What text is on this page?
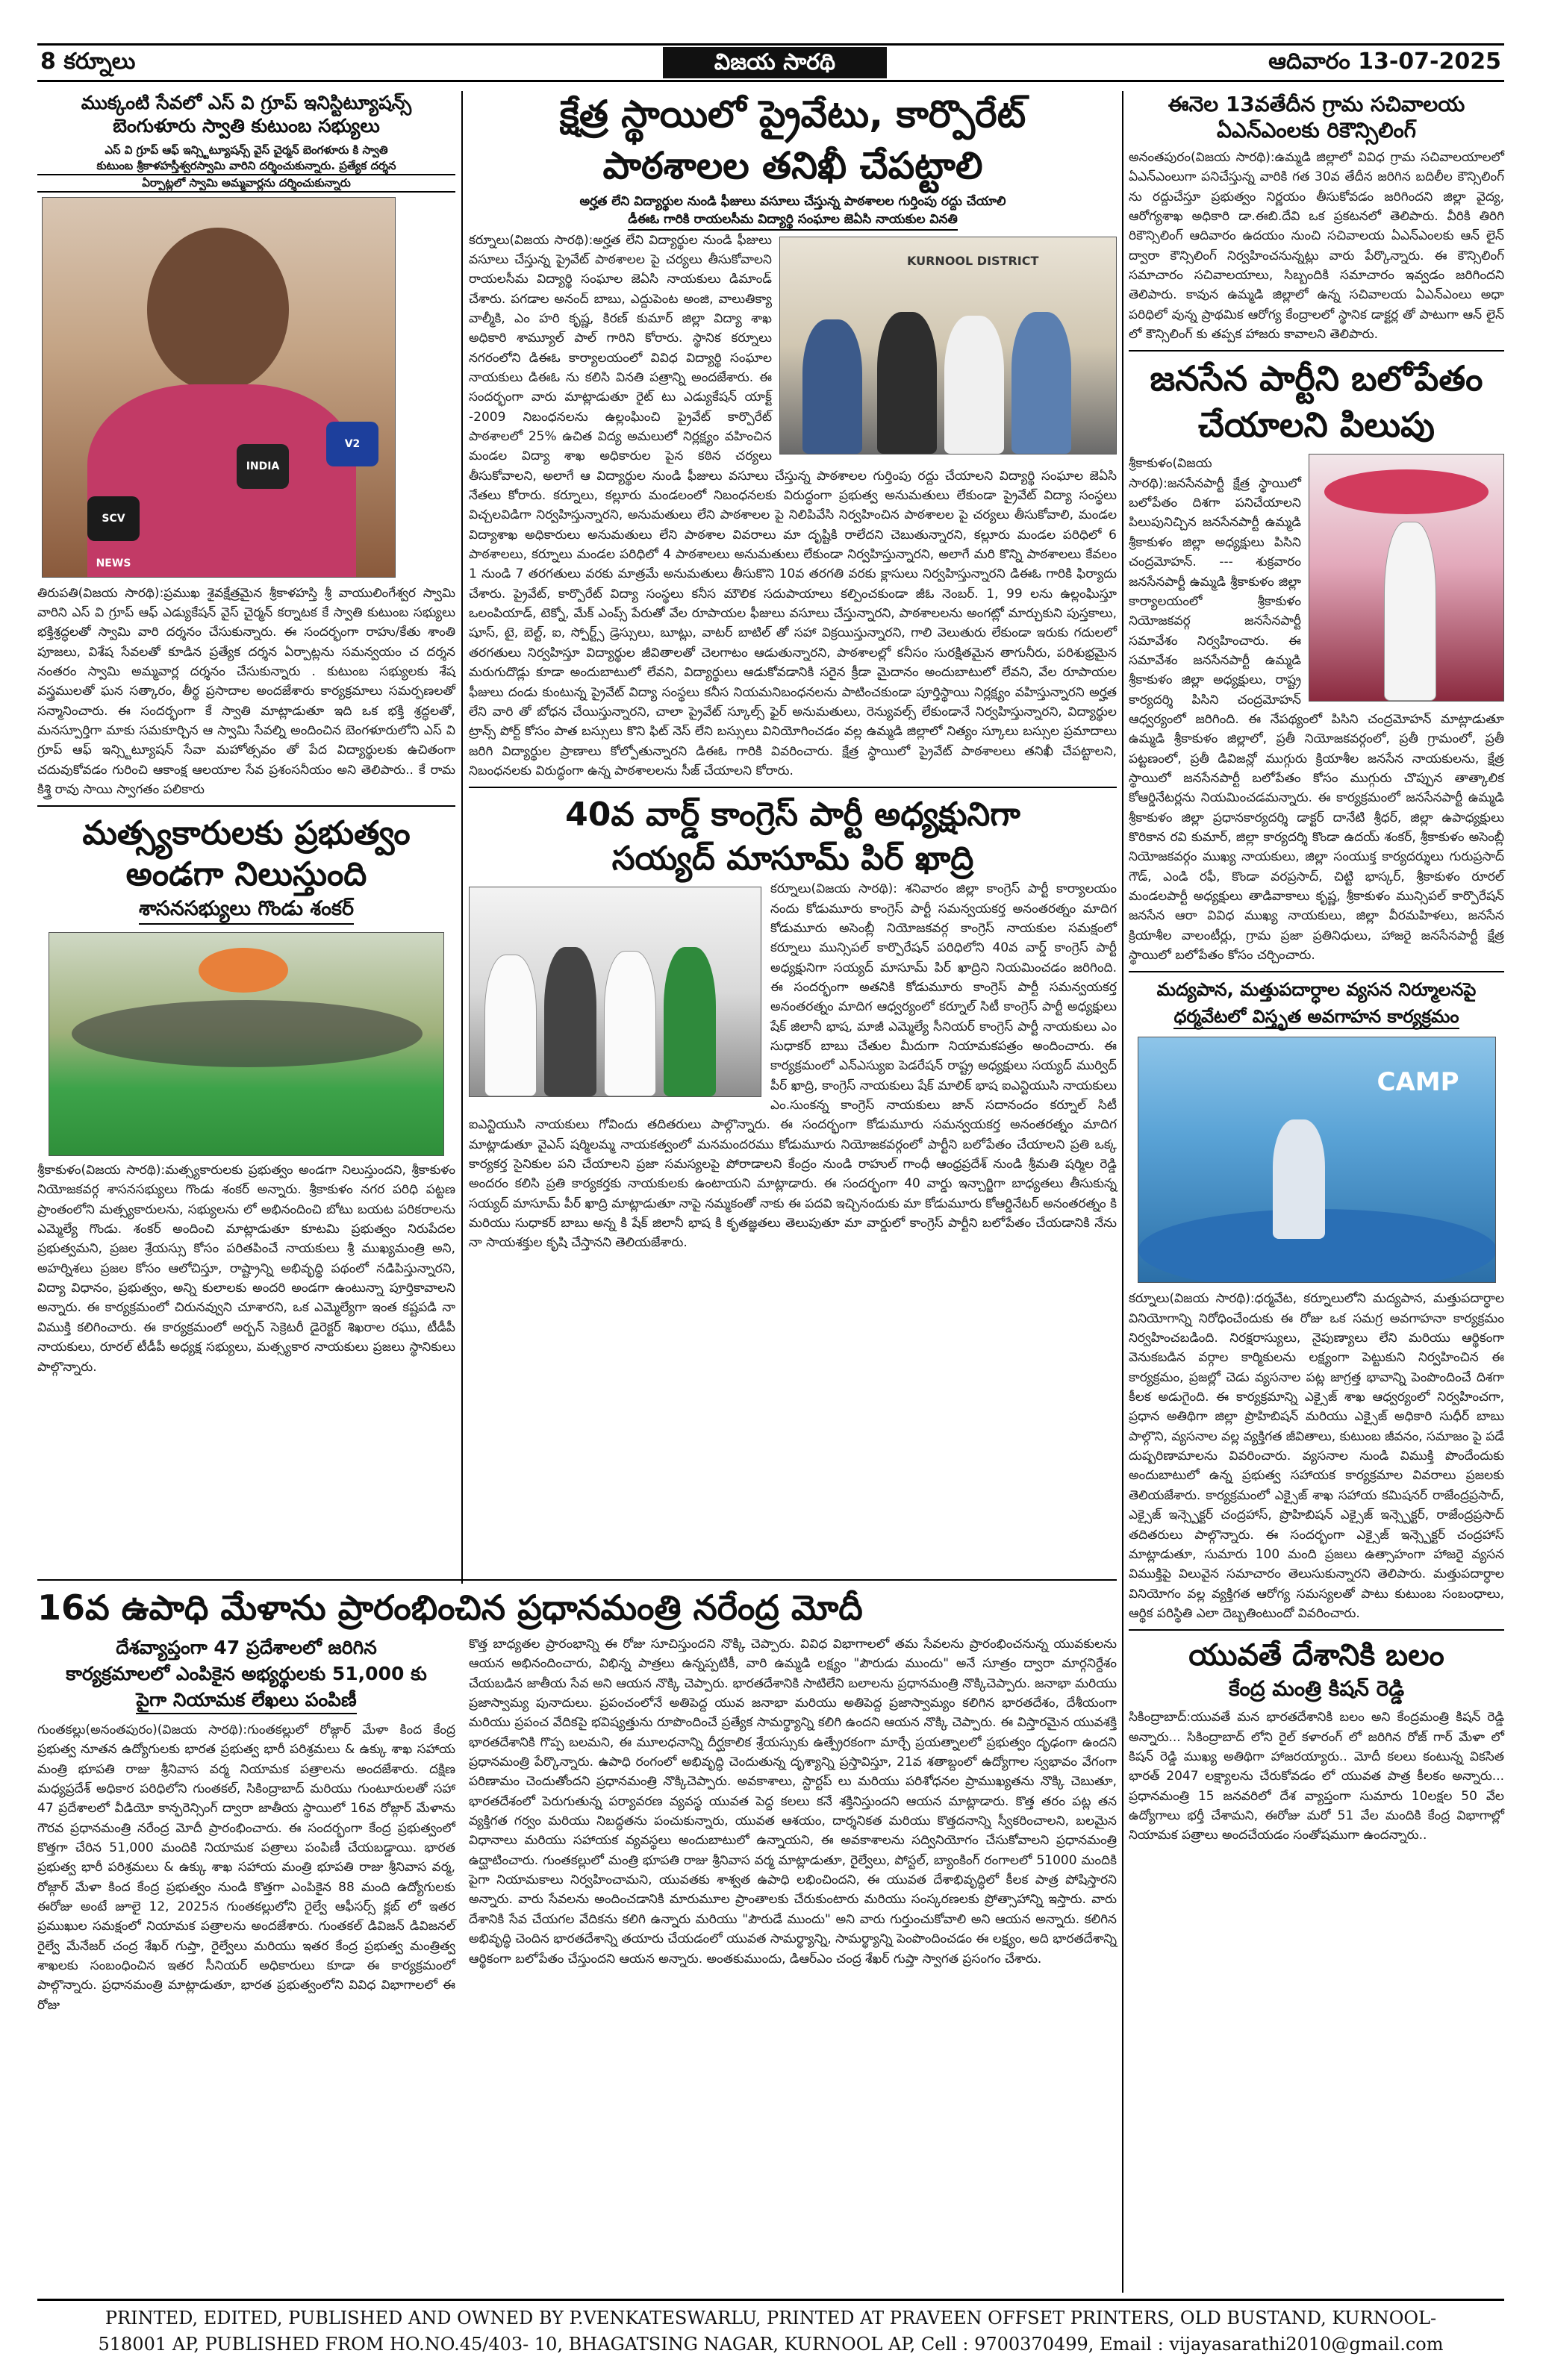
8 కర్నూలు	విజయ సారథి	ఆదివారం 13-07-2025
ముక్కంటి సేవలో ఎస్ వి గ్రూప్ ఇనిస్టిట్యూషన్స్
బెంగుళూరు స్వాతి కుటుంబ సభ్యులు
ఎస్ వి గ్రూప్ ఆఫ్ ఇన్స్టిట్యూషన్స్ వైస్ చైర్మన్ బెంగళూరు కి స్వాతి
కుటుంబ శ్రీకాళహస్తీశ్వరస్వామి వారిని దర్శించుకున్నారు. ప్రత్యేక దర్శన
ఏర్పాట్లలో స్వామి అమ్మవార్లను దర్శించుకున్నారు
SCV NEWS
V2
INDIA
తిరుపతి(విజయ సారథి):ప్రముఖ శైవక్షేత్రమైన శ్రీకాళహస్తి శ్రీ వాయులింగేశ్వర స్వామి వారిని ఎస్ వి గ్రూప్ ఆఫ్ ఎడ్యుకేషన్ వైస్ చైర్మన్ కర్నాటక కే స్వాతి కుటుంబ సభ్యులు భక్తిశ్రద్ధలతో స్వామి వారి దర్శనం చేసుకున్నారు. ఈ సందర్భంగా రాహు/కేతు శాంతి పూజలు, విశేష సేవలతో కూడిన ప్రత్యేక దర్శన ఏర్పాట్లను సమన్వయం చ దర్శన నంతరం స్వామి అమ్మవార్ల దర్శనం చేసుకున్నారు . కుటుంబ సభ్యులకు శేష వస్త్రములతో ఘన సత్కారం, తీర్థ ప్రసాదాల అందజేశారు కార్యక్రమాలు సమర్పణలతో సన్మానించారు. ఈ సందర్భంగా కే స్వాతి మాట్లాడుతూ ఇది ఒక భక్తి శ్రద్ధలతో, మనస్పూర్తిగా మాకు సమకూర్చిన ఆ స్వామి సేవల్ని అందించిన బెంగళూరులోని ఎస్ వి గ్రూప్ ఆఫ్ ఇన్స్టిట్యూషన్ సేవా మహోత్సవం తో పేద విద్యార్థులకు ఉచితంగా చదువుకోవడం గురించి ఆకాంక్ష ఆలయాల సేవ ప్రశంసనీయం అని తెలిపారు.. కే రామ కిశ్త్రి రావు సాయి స్వాగతం పలికారు
మత్స్యకారులకు ప్రభుత్వం
అండగా నిలుస్తుంది
శాసనసభ్యులు గొండు శంకర్
శ్రీకాకుళం(విజయ సారథి):మత్స్యకారులకు ప్రభుత్వం అండగా నిలుస్తుందని, శ్రీకాకుళం నియోజకవర్గ శాసనసభ్యులు గొండు శంకర్ అన్నారు. శ్రీకాకుళం నగర పరిధి పట్టణ ప్రాంతంలోని మత్స్యకారులను, సభ్యులను లో అభినందించి బోటు బయట పరికరాలను ఎమ్మెల్యే గొండు. శంకర్ అందించి మాట్లాడుతూ కూటమి ప్రభుత్వం నిరుపేదల ప్రభుత్వమని, ప్రజల శ్రేయస్సు కోసం పరితపించే నాయకులు శ్రీ ముఖ్యమంత్రి అని, అహర్నిశలు ప్రజల కోసం ఆలోచిస్తూ, రాష్ట్రాన్ని అభివృద్ధి పథంలో నడిపిస్తున్నారని, విద్యా విధానం, ప్రభుత్వం, అన్ని కులాలకు అందరి అండగా ఉంటున్నా పూర్తికావాలని అన్నారు. ఈ కార్యక్రమంలో చిరునవ్వుని చూశారని, ఒక ఎమ్మెల్యేగా ఇంత కష్టపడి నా విముక్తి కలిగించారు. ఈ కార్యక్రమంలో అర్బన్ సెక్రెటరీ డైరెక్టర్ శిఖరాల రఘు, టీడీపీ నాయకులు, రూరల్ టీడీపీ అధ్యక్ష సభ్యులు, మత్స్యకార నాయకులు ప్రజలు స్థానికులు పాల్గొన్నారు.
క్షేత్ర స్థాయిలో ప్రైవేటు, కార్పొరేట్
పాఠశాలల తనిఖీ చేపట్టాలి
అర్హత లేని విద్యార్థుల నుండి ఫీజులు వసూలు చేస్తున్న పాఠశాలల గుర్తింపు రద్దు చేయాలి
డీఈఓ గారికి రాయలసీమ విద్యార్థి సంఘాల జెఏసి నాయకుల వినతి
KURNOOL DISTRICT
కర్నూలు(విజయ సారథి):అర్హత లేని విద్యార్థుల నుండి ఫీజులు వసూలు చేస్తున్న ప్రైవేట్ పాఠశాలల పై చర్యలు తీసుకోవాలని రాయలసీమ విద్యార్థి సంఘాల జెఏసి నాయకులు డిమాండ్ చేశారు. పగడాల అనంద్ బాబు, ఎద్దుపెంట అంజి, వాలుతిక్యా వాల్మీకి, ఎం హరి కృష్ణ, కిరణ్ కుమార్ జిల్లా విద్యా శాఖ అధికారి శామ్యూల్ పాల్ గారిని కోరారు. స్థానిక కర్నూలు నగరంలోని డిఈఓ కార్యాలయంలో వివిధ విద్యార్థి సంఘాల నాయకులు డిఈఓ ను కలిసి వినతి పత్రాన్ని అందజేశారు. ఈ సందర్భంగా వారు మాట్లాడుతూ రైట్ టు ఎడ్యుకేషన్ యాక్ట్ -2009 నిబంధనలను ఉల్లంఘించి ప్రైవేట్ కార్పొరేట్ పాఠశాలలో 25% ఉచిత విద్య అమలులో నిర్లక్ష్యం వహించిన మండల విద్యా శాఖ అధికారుల పైన కఠిన చర్యలు తీసుకోవాలని, అలాగే ఆ విద్యార్థుల నుండి ఫీజులు వసూలు చేస్తున్న పాఠశాలల గుర్తింపు రద్దు చేయాలని విద్యార్థి సంఘాల జెఏసి నేతలు కోరారు. కర్నూలు, కల్లూరు మండలంలో నిబంధనలకు విరుద్ధంగా ప్రభుత్వ అనుమతులు లేకుండా ప్రైవేట్ విద్యా సంస్థలు విచ్చలవిడిగా నిర్వహిస్తున్నారని, అనుమతులు లేని పాఠశాలల పై నిలిపివేసి నిర్వహించిన పాఠశాలల పై చర్యలు తీసుకోవాలి, మండల విద్యాశాఖ అధికారులు అనుమతులు లేని పాఠశాల వివరాలు మా దృష్టికి రాలేదని చెబుతున్నారని, కల్లూరు మండల పరిధిలో 6 పాఠశాలలు, కర్నూలు మండల పరిధిలో 4 పాఠశాలలు అనుమతులు లేకుండా నిర్వహిస్తున్నారని, అలాగే మరి కొన్ని పాఠశాలలు కేవలం 1 నుండి 7 తరగతులు వరకు మాత్రమే అనుమతులు తీసుకొని 10వ తరగతి వరకు క్లాసులు నిర్వహిస్తున్నారని డిఈఓ గారికి ఫిర్యాదు చేశారు. ప్రైవేట్, కార్పొరేట్ విద్యా సంస్థలు కనీస మౌలిక సదుపాయాలు కల్పించకుండా జీఓ నెంబర్. 1, 99 లను ఉల్లంఘిస్తూ ఒలంపియాడ్, టెక్నో, మేక్ ఎంప్స్ పేరుతో వేల రూపాయల ఫీజులు వసూలు చేస్తున్నారని, పాఠశాలలను అంగట్లో మార్చుకుని పుస్తకాలు, షూస్, టై, బెల్ట్, ఐ, స్పోర్ట్స్ డ్రెస్సులు, బూట్లు, వాటర్ బాటిల్ తో సహా విక్రయిస్తున్నారని, గాలి వెలుతురు లేకుండా ఇరుకు గదులలో తరగతులు నిర్వహిస్తూ విద్యార్థుల జీవితాలతో చెలగాటం ఆడుతున్నారని, పాఠశాలల్లో కనీసం సురక్షితమైన తాగునీరు, పరిశుభ్రమైన మరుగుదొడ్లు కూడా అందుబాటులో లేవని, విద్యార్థులు ఆడుకోవడానికి సరైన క్రీడా మైదానం అందుబాటులో లేవని, వేల రూపాయల ఫీజులు దండు కుంటున్న ప్రైవేట్ విద్యా సంస్థలు కనీస నియమనిబంధనలను పాటించకుండా పూర్తిస్థాయి నిర్లక్ష్యం వహిస్తున్నారని అర్హత లేని వారి తో బోధన చేయిస్తున్నారని, చాలా ప్రైవేట్ స్కూల్స్ ఫైర్ అనుమతులు, రెన్యువల్స్ లేకుండానే నిర్వహిస్తున్నారని, విద్యార్థుల ట్రాన్స్ పోర్ట్ కోసం పాత బస్సులు కొని ఫిట్ నెస్ లేని బస్సులు వినియోగించడం వల్ల ఉమ్మడి జిల్లాలో నిత్యం స్కూలు బస్సుల ప్రమాదాలు జరిగి విద్యార్థుల ప్రాణాలు కోల్పోతున్నారని డిఈఓ గారికి వివరించారు. క్షేత్ర స్థాయిలో ప్రైవేట్ పాఠశాలలు తనిఖీ చేపట్టాలని, నిబంధనలకు విరుద్ధంగా ఉన్న పాఠశాలలను సీజ్ చేయాలని కోరారు.
40వ వార్డ్ కాంగ్రెస్ పార్టీ అధ్యక్షునిగా
సయ్యద్ మాసూమ్ పిర్ ఖాద్రి
కర్నూలు(విజయ సారథి): శనివారం జిల్లా కాంగ్రెస్ పార్టీ కార్యాలయం నందు కోడుమూరు కాంగ్రెస్ పార్టీ సమన్వయకర్త అనంతరత్నం మాదిగ కోడుమూరు అసెంబ్లీ నియోజకవర్గ కాంగ్రెస్ నాయకుల సమక్షంలో కర్నూలు మున్సిపల్ కార్పొరేషన్ పరిధిలోని 40వ వార్డ్ కాంగ్రెస్ పార్టీ అధ్యక్షునిగా సయ్యద్ మాసూమ్ పిర్ ఖాద్రిని నియమించడం జరిగింది. ఈ సందర్భంగా అతనికి కోడుమూరు కాంగ్రెస్ పార్టీ సమన్వయకర్త అనంతరత్నం మాదిగ ఆధ్వర్యంలో కర్నూల్ సిటీ కాంగ్రెస్ పార్టీ అధ్యక్షులు షేక్ జిలానీ భాష, మాజీ ఎమ్మెల్యే సీనియర్ కాంగ్రెస్ పార్టీ నాయకులు ఎం సుధాకర్ బాబు చేతుల మీదుగా నియామకపత్రం అందించారు. ఈ కార్యక్రమంలో ఎన్ఎస్యుఐ పెడరేషన్ రాష్ట్ర అధ్యక్షులు సయ్యద్ ముర్విద్ పీర్ ఖాద్రి, కాంగ్రెస్ నాయకులు షేక్ మాలిక్ భాష ఐఎన్టియుసి నాయకులు ఎం.సుంకన్న కాంగ్రెస్ నాయకులు జాన్ సదానందం కర్నూల్ సిటీ ఐఎన్టియుసి నాయకులు గోవిందు తదితరులు పాల్గొన్నారు. ఈ సందర్భంగా కోడుమూరు సమన్వయకర్త అనంతరత్నం మాదిగ మాట్లాడుతూ వైఎస్ షర్మిలమ్మ నాయకత్వంలో మనమందరము కోడుమూరు నియోజకవర్గంలో పార్టీని బలోపేతం చేయాలని ప్రతి ఒక్క కార్యకర్త సైనికుల పని చేయాలని ప్రజా సమస్యలపై పోరాడాలని కేంద్రం నుండి రాహుల్ గాంధీ ఆంధ్రప్రదేశ్ నుండి శ్రీమతి షర్మిల రెడ్డి అందరం కలిసి ప్రతి కార్యకర్తకు నాయకులకు ఉంటాయని మాట్లాడారు. ఈ సందర్భంగా 40 వార్డు ఇన్చార్జిగా బాధ్యతలు తీసుకున్న సయ్యద్ మాసూమ్ పీర్ ఖాద్రి మాట్లాడుతూ నాపై నమ్మకంతో నాకు ఈ పదవి ఇచ్చినందుకు మా కోడుమూరు కోఆర్డినేటర్ అనంతరత్నం కి మరియు సుధాకర్ బాబు అన్న కి షేక్ జిలానీ భాష కి కృతజ్ఞతలు తెలుపుతూ మా వార్డులో కాంగ్రెస్ పార్టీని బలోపేతం చేయడానికి నేను నా సాయశక్తుల కృషి చేస్తానని తెలియజేశారు.
ఈనెల 13వతేదీన గ్రామ సచివాలయ
ఏఎన్ఎంలకు రికౌన్సిలింగ్
అనంతపురం(విజయ సారథి):ఉమ్మడి జిల్లాలో వివిధ గ్రామ సచివాలయాలలో ఏఎన్ఎంలుగా పనిచేస్తున్న వారికి గత 30వ తేదీన జరిగిన బదిలీల కౌన్సిలింగ్ ను రద్దుచేస్తూ ప్రభుత్వం నిర్ణయం తీసుకోవడం జరిగిందని జిల్లా వైద్య, ఆరోగ్యశాఖ అధికారి డా.ఈబి.దేవి ఒక ప్రకటనలో తెలిపారు. వీరికి తిరిగి రికౌన్సిలింగ్ ఆదివారం ఉదయం నుంచి సచివాలయ ఏఎన్ఎంలకు ఆన్ లైన్ ద్వారా కౌన్సిలింగ్ నిర్వహించనున్నట్లు వారు పేర్కొన్నారు. ఈ కౌన్సిలింగ్ సమాచారం సచివాలయాలు, సిబ్బందికి సమాచారం ఇవ్వడం జరిగిందని తెలిపారు. కావున ఉమ్మడి జిల్లాలో ఉన్న సచివాలయ ఏఎన్ఎంలు అధా పరిధిలో వున్న ప్రాథమిక ఆరోగ్య కేంద్రాలలో స్థానిక డాక్టర్ల తో పాటుగా ఆన్ లైన్ లో కౌన్సిలింగ్ కు తప్పక హాజరు కావాలని తెలిపారు.
జనసేన పార్టీని బలోపేతం
చేయాలని పిలుపు
శ్రీకాకుళం(విజయ సారథి):జనసేనపార్టీ క్షేత్ర స్థాయిలో బలోపేతం దిశగా పనిచేయాలని పిలుపునిచ్చిన జనసేనపార్టీ ఉమ్మడి శ్రీకాకుళం జిల్లా అధ్యక్షులు పిసిని చంద్రమోహన్. --- శుక్రవారం జనసేనపార్టీ ఉమ్మడి శ్రీకాకుళం జిల్లా కార్యాలయంలో శ్రీకాకుళం నియోజకవర్గ జనసేనపార్టీ సమావేశం నిర్వహించారు. ఈ సమావేశం జనసేనపార్టీ ఉమ్మడి శ్రీకాకుళం జిల్లా అధ్యక్షులు, రాష్ట్ర కార్యదర్శి పిసిని చంద్రమోహన్ ఆధ్వర్యంలో జరిగింది. ఈ నేపథ్యంలో పిసిని చంద్రమోహన్ మాట్లాడుతూ ఉమ్మడి శ్రీకాకుళం జిల్లాలో, ప్రతీ నియోజకవర్గంలో, ప్రతీ గ్రామంలో, ప్రతీ పట్టణంలో, ప్రతీ డివిజన్లో ముగ్గురు క్రియాశీల జనసేన నాయకులను, క్షేత్ర స్థాయిలో జనసేనపార్టీ బలోపేతం కోసం ముగ్గురు చొప్పున తాత్కాలిక కోఆర్డినేటర్లను నియమించడమన్నారు. ఈ కార్యక్రమంలో జనసేనపార్టీ ఉమ్మడి శ్రీకాకుళం జిల్లా ప్రధానకార్యదర్శి డాక్టర్ దానేటి శ్రీధర్, జిల్లా ఉపాధ్యక్షులు కొరికాన రవి కుమార్, జిల్లా కార్యదర్శి కొండా ఉదయ్ శంకర్, శ్రీకాకుళం అసెంబ్లీ నియోజకవర్గం ముఖ్య నాయకులు, జిల్లా సంయుక్త కార్యదర్శులు గురుప్రసాద్ గౌడ్, ఎండి రఫీ, కొండా వరప్రసాద్, చిట్టి భాస్కర్, శ్రీకాకుళం రూరల్ మండలపార్టీ అధ్యక్షులు తాడివాకాలు కృష్ణ, శ్రీకాకుళం మున్సిపల్ కార్పొరేషన్ జనసేన ఆరా వివిధ ముఖ్య నాయకులు, జిల్లా వీరమహిళలు, జనసేన క్రియాశీల వాలంటీర్లు, గ్రామ ప్రజా ప్రతినిధులు, హాజరై జనసేనపార్టీ క్షేత్ర స్థాయిలో బలోపేతం కోసం చర్చించారు.
మద్యపాన, మత్తుపదార్ధాల వ్యసన నిర్మూలనపై
ధర్మవేటలో విస్తృత అవగాహన కార్యక్రమం
CAMP
కర్నూలు(విజయ సారథి):ధర్మవేట, కర్నూలులోని మద్యపాన, మత్తుపదార్ధాల వినియోగాన్ని నిరోధించేందుకు ఈ రోజు ఒక సమగ్ర అవగాహనా కార్యక్రమం నిర్వహించబడింది. నిరక్షరాస్యులు, నైపుణ్యాలు లేని మరియు ఆర్థికంగా వెనుకబడిన వర్గాల కార్మికులను లక్ష్యంగా పెట్టుకుని నిర్వహించిన ఈ కార్యక్రమం, ప్రజల్లో చెడు వ్యసనాల పట్ల జాగ్రత్త భావాన్ని పెంపొందించే దిశగా కీలక అడుగైంది. ఈ కార్యక్రమాన్ని ఎక్సైజ్ శాఖ ఆధ్వర్యంలో నిర్వహించగా, ప్రధాన అతిథిగా జిల్లా ప్రొహిబిషన్ మరియు ఎక్సైజ్ అధికారి సుధీర్ బాబు పాల్గొని, వ్యసనాల వల్ల వ్యక్తిగత జీవితాలు, కుటుంబ జీవనం, సమాజం పై పడే దుష్పరిణామాలను వివరించారు. వ్యసనాల నుండి విముక్తి పొందేందుకు అందుబాటులో ఉన్న ప్రభుత్వ సహాయక కార్యక్రమాల వివరాలు ప్రజలకు తెలియజేశారు. కార్యక్రమంలో ఎక్సైజ్ శాఖ సహాయ కమిషనర్ రాజేంద్రప్రసాద్, ఎక్సైజ్ ఇన్స్పెక్టర్ చంద్రహాస్, ప్రొహిబిషన్ ఎక్సైజ్ ఇన్స్పెక్టర్, రాజేంద్రప్రసాద్ తదితరులు పాల్గొన్నారు. ఈ సందర్భంగా ఎక్సైజ్ ఇన్స్పెక్టర్ చంద్రహాస్ మాట్లాడుతూ, సుమారు 100 మంది ప్రజలు ఉత్సాహంగా హాజరై వ్యసన విముక్తిపై విలువైన సమాచారం తెలుసుకున్నారని తెలిపారు. మత్తుపదార్ధాల వినియోగం వల్ల వ్యక్తిగత ఆరోగ్య సమస్యలతో పాటు కుటుంబ సంబంధాలు, ఆర్థిక పరిస్థితి ఎలా దెబ్బతింటుందో వివరించారు.
యువతే దేశానికి బలం
కేంద్ర మంత్రి కిషన్ రెడ్డి
సికింద్రాబాద్:యువతే మన భారతదేశానికి బలం అని కేంద్రమంత్రి కిషన్ రెడ్డి అన్నారు... సికింద్రాబాద్ లోని రైల్ కళారంగ్ లో జరిగిన రోజ్ గార్ మేళా లో కిషన్ రెడ్డి ముఖ్య అతిథిగా హాజరయ్యారు.. మోదీ కలలు కంటున్న వికసిత భారత్ 2047 లక్ష్యాలను చేరుకోవడం లో యువత పాత్ర కీలకం అన్నారు... ప్రధానమంత్రి 15 జనవరిలో దేశ వ్యాప్తంగా సుమారు 10లక్షల 50 వేల ఉద్యోగాలు భర్తీ చేశామని, ఈరోజు మరో 51 వేల మందికి కేంద్ర విభాగాల్లో నియామక పత్రాలు అందచేయడం సంతోషముగా ఉందన్నారు..
16వ ఉపాధి మేళాను ప్రారంభించిన ప్రధానమంత్రి నరేంద్ర మోదీ
దేశవ్యాప్తంగా 47 ప్రదేశాలలో జరిగిన
కార్యక్రమాలలో ఎంపికైన అభ్యర్థులకు 51,000 కు
పైగా నియామక లేఖలు పంపిణీ
గుంతకల్లు(అనంతపురం)(విజయ సారథి):గుంతకల్లులో రోజ్గార్ మేళా కింద కేంద్ర ప్రభుత్వ నూతన ఉద్యోగులకు భారత ప్రభుత్వ భారీ పరిశ్రమలు & ఉక్కు శాఖ సహాయ మంత్రి భూపతి రాజు శ్రీనివాస వర్మ నియామక పత్రాలను అందజేశారు. దక్షిణ మధ్యప్రదేశ్ అధికార పరిధిలోని గుంతకల్, సికింద్రాబాద్ మరియు గుంటూరులతో సహా 47 ప్రదేశాలలో వీడియో కాన్ఫరెన్సింగ్ ద్వారా జాతీయ స్థాయిలో 16వ రోజ్గార్ మేళాను గౌరవ ప్రధానమంత్రి నరేంద్ర మోదీ ప్రారంభించారు. ఈ సందర్భంగా కేంద్ర ప్రభుత్వంలో కొత్తగా చేరిన 51,000 మందికి నియామక పత్రాలు పంపిణీ చేయబడ్డాయి. భారత ప్రభుత్వ భారీ పరిశ్రమలు & ఉక్కు శాఖ సహాయ మంత్రి భూపతి రాజు శ్రీనివాస వర్మ, రోజ్గార్ మేళా కింద కేంద్ర ప్రభుత్వం నుండి కొత్తగా ఎంపికైన 88 మంది ఉద్యోగులకు ఈరోజు అంటే జూలై 12, 2025న గుంతకల్లులోని రైల్వే ఆఫీసర్స్ క్లబ్ లో ఇతర ప్రముఖుల సమక్షంలో నియామక పత్రాలను అందజేశారు. గుంతకల్ డివిజన్ డివిజనల్ రైల్వే మేనేజర్ చంద్ర శేఖర్ గుప్తా, రైల్వేలు మరియు ఇతర కేంద్ర ప్రభుత్వ మంత్రిత్వ శాఖలకు సంబంధించిన ఇతర సీనియర్ అధికారులు కూడా ఈ కార్యక్రమంలో పాల్గొన్నారు. ప్రధానమంత్రి మాట్లాడుతూ, భారత ప్రభుత్వంలోని వివిధ విభాగాలలో ఈ రోజు
కొత్త బాధ్యతల ప్రారంభాన్ని ఈ రోజు సూచిస్తుందని నొక్కి చెప్పారు. వివిధ విభాగాలలో తమ సేవలను ప్రారంభించనున్న యువకులను ఆయన అభినందించారు, విభిన్న పాత్రలు ఉన్నప్పటికీ, వారి ఉమ్మడి లక్ష్యం "పౌరుడు ముందు" అనే సూత్రం ద్వారా మార్గనిర్దేశం చేయబడిన జాతీయ సేవ అని ఆయన నొక్కి చెప్పారు. భారతదేశానికి సాటిలేని బలాలను ప్రధానమంత్రి నొక్కిచెప్పారు. జనాభా మరియు ప్రజాస్వామ్య పునాదులు. ప్రపంచంలోనే అతిపెద్ద యువ జనాభా మరియు అతిపెద్ద ప్రజాస్వామ్యం కలిగిన భారతదేశం, దేశీయంగా మరియు ప్రపంచ వేదికపై భవిష్యత్తును రూపొందించే ప్రత్యేక సామర్థ్యాన్ని కలిగి ఉందని ఆయన నొక్కి చెప్పారు. ఈ విస్తారమైన యువశక్తి భారతదేశానికి గొప్ప బలమని, ఈ మూలధనాన్ని దీర్ఘకాలిక శ్రేయస్సుకు ఉత్ప్రేరకంగా మార్చే ప్రయత్నాలలో ప్రభుత్వం దృఢంగా ఉందని ప్రధానమంత్రి పేర్కొన్నారు. ఉపాధి రంగంలో అభివృద్ధి చెందుతున్న దృశ్యాన్ని ప్రస్తావిస్తూ, 21వ శతాబ్దంలో ఉద్యోగాల స్వభావం వేగంగా పరిణామం చెందుతోందని ప్రధానమంత్రి నొక్కిచెప్పారు. అవకాశాలు, స్టార్టప్ లు మరియు పరిశోధనల ప్రాముఖ్యతను నొక్కి చెబుతూ, భారతదేశంలో పెరుగుతున్న పర్యావరణ వ్యవస్థ యువత పెద్ద కలలు కనే శక్తినిస్తుందని ఆయన మాట్లాడారు. కొత్త తరం పట్ల తన వ్యక్తిగత గర్వం మరియు నిబద్ధతను పంచుకున్నారు, యువత ఆశయం, దార్శనికత మరియు కొత్తదనాన్ని స్వీకరించాలని, బలమైన విధానాలు మరియు సహాయక వ్యవస్థలు అందుబాటులో ఉన్నాయని, ఈ అవకాశాలను సద్వినియోగం చేసుకోవాలని ప్రధానమంత్రి ఉద్ఘాటించారు. గుంతకల్లులో మంత్రి భూపతి రాజు శ్రీనివాస వర్మ మాట్లాడుతూ, రైల్వేలు, పోస్టల్, బ్యాంకింగ్ రంగాలలో 51000 మందికి పైగా నియామకాలు నిర్వహించామని, యువతకు శాశ్వత ఉపాధి లభించిందని, ఈ యువత దేశాభివృద్ధిలో కీలక పాత్ర పోషిస్తారని అన్నారు. వారు సేవలను అందించడానికి మారుమూల ప్రాంతాలకు చేరుకుంటారు మరియు సంస్కరణలకు ప్రోత్సాహాన్ని ఇస్తారు. వారు దేశానికి సేవ చేయగల వేదికను కలిగి ఉన్నారు మరియు "పౌరుడే ముందు" అని వారు గుర్తుంచుకోవాలి అని ఆయన అన్నారు. కలిగిన అభివృద్ధి చెందిన భారతదేశాన్ని తయారు చేయడంలో యువత సామర్థ్యాన్ని, సామర్థ్యాన్ని పెంపొందించడం ఈ లక్ష్యం, అది భారతదేశాన్ని ఆర్థికంగా బలోపేతం చేస్తుందని ఆయన అన్నారు. అంతకుముందు, డిఆర్ఎం చంద్ర శేఖర్ గుప్తా స్వాగత ప్రసంగం చేశారు.
PRINTED, EDITED, PUBLISHED AND OWNED BY P.VENKATESWARLU, PRINTED AT PRAVEEN OFFSET PRINTERS, OLD BUSTAND, KURNOOL-
518001 AP, PUBLISHED FROM HO.NO.45/403- 10, BHAGATSING NAGAR, KURNOOL AP, Cell : 9700370499, Email : vijayasarathi2010@gmail.com
